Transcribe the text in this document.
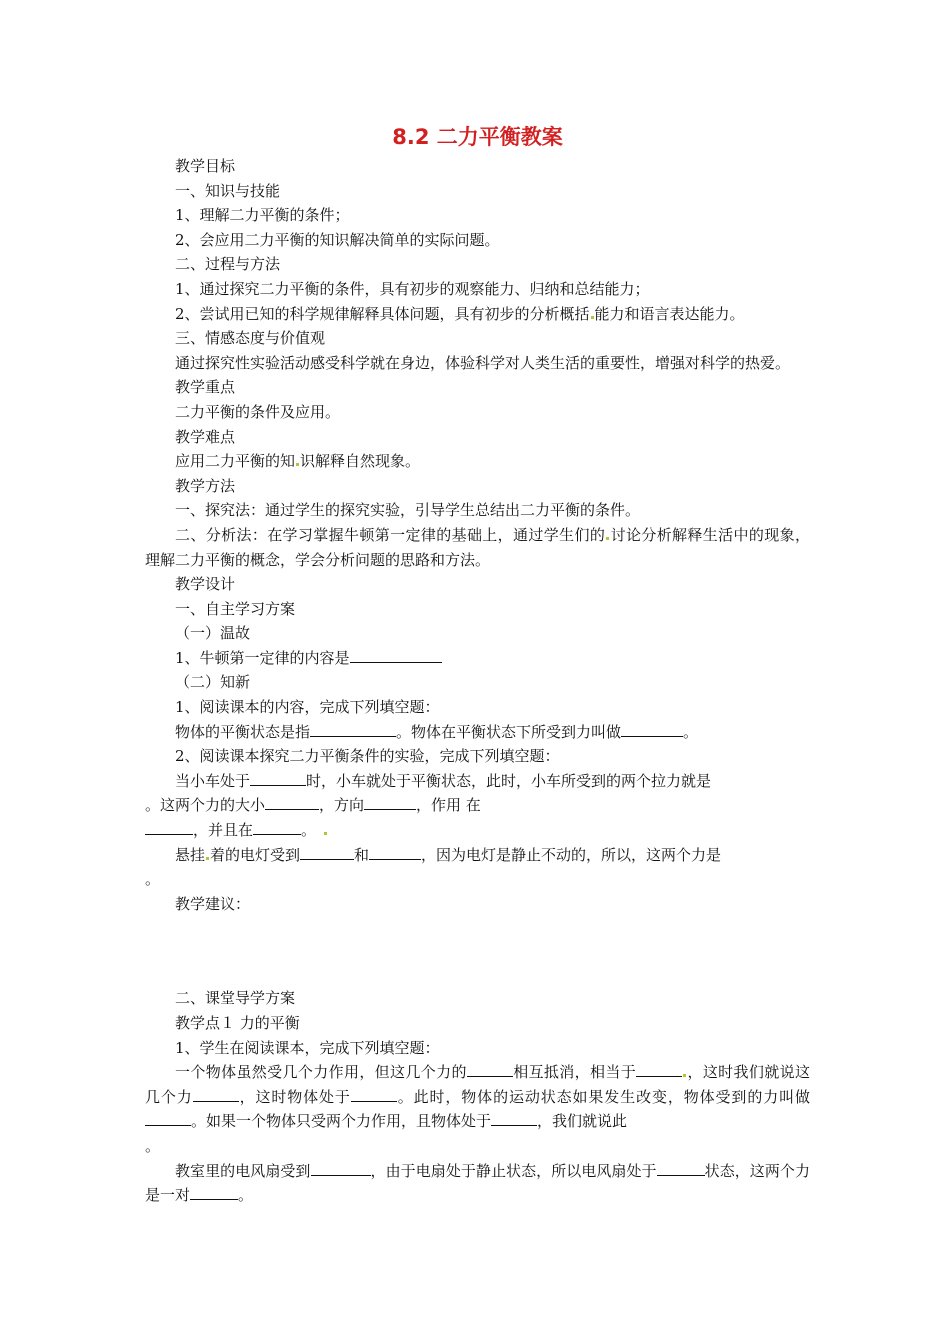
8.2 二力平衡教案
教学目标
一、知识与技能
1、理解二力平衡的条件；
2、会应用二力平衡的知识解决简单的实际问题。
二、过程与方法
1、通过探究二力平衡的条件，具有初步的观察能力、归纳和总结能力；
2、尝试用已知的科学规律解释具体问题，具有初步的分析概括 能力和语言表达能力。
三、情感态度与价值观
通过探究性实验活动感受科学就在身边，体验科学对人类生活的重要性，增强对科学的热爱。
教学重点
二力平衡的条件及应用。
教学难点
应用二力平衡的知 识解释自然现象。
教学方法
一、探究法：通过学生的探究实验，引导学生总结出二力平衡的条件。
二、分析法：在学习掌握牛顿第一定律的基础上，通过学生们的 讨论分析解释生活中的现象，理解二力平衡的概念，学会分析问题的思路和方法。
教学设计
一、自主学习方案
（一）温故
1、牛顿第一定律的内容是
（二）知新
1、阅读课本的内容，完成下列填空题：
物体的平衡状态是指	。物体在平衡状态下所受到力叫做	。
2、阅读课本探究二力平衡条件的实验，完成下列填空题：
当小车处于	时，小车就处于平衡状态，此时，小车所受到的两个拉力就是
。这两个力的大小	，方向	，作用 在
，并且在	。
悬挂 着的电灯受到	和	，因为电灯是静止不动的，所以，这两个力是
。
教学建议：
二、课堂导学方案
教学点１ 力的平衡
1、学生在阅读课本，完成下列填空题：
一个物体虽然受几个力作用，但这几个力的	相互抵消，相当于	，这时我们就说这几个力	，这时物体处于	。此时，物体的运动状态如果发生改变，物体受到的力叫做。如果一个物体只受两个力作用，且物体处于	，我们就说此
。
教室里的电风扇受到	，由于电扇处于静止状态，所以电风扇处于	状态，这两个力是一对	。
